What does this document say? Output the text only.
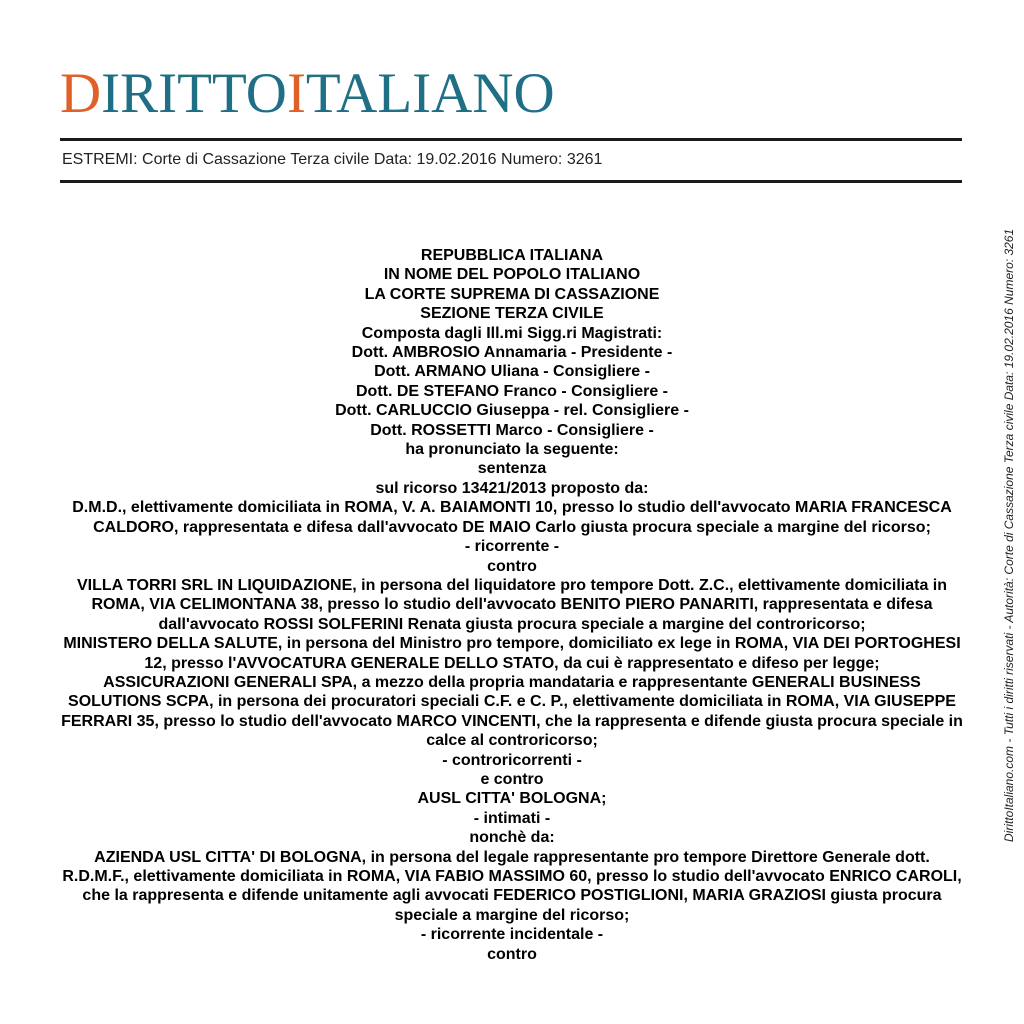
DIRITTOITALIANO
ESTREMI: Corte di Cassazione Terza civile Data: 19.02.2016 Numero: 3261
DirittoItaliano.com - Tutti i diritti riservati - Autorità: Corte di Cassazione Terza civile Data: 19.02.2016 Numero: 3261

REPUBBLICA ITALIANA

IN NOME DEL POPOLO ITALIANO

LA CORTE SUPREMA DI CASSAZIONE

SEZIONE TERZA CIVILE

Composta dagli Ill.mi Sigg.ri Magistrati:

Dott. AMBROSIO Annamaria - Presidente -

Dott. ARMANO Uliana - Consigliere -

Dott. DE STEFANO Franco - Consigliere -

Dott. CARLUCCIO Giuseppa - rel. Consigliere -

Dott. ROSSETTI Marco - Consigliere -

ha pronunciato la seguente:

sentenza

sul ricorso 13421/2013 proposto da:

D.M.D., elettivamente domiciliata in ROMA, V. A. BAIAMONTI 10, presso lo studio dell'avvocato MARIA FRANCESCA CALDORO, rappresentata e difesa dall'avvocato DE MAIO Carlo giusta procura speciale a margine del ricorso;

- ricorrente -

contro

VILLA TORRI SRL IN LIQUIDAZIONE, in persona del liquidatore pro tempore Dott. Z.C., elettivamente domiciliata in ROMA, VIA CELIMONTANA 38, presso lo studio dell'avvocato BENITO PIERO PANARITI, rappresentata e difesa dall'avvocato ROSSI SOLFERINI Renata giusta procura speciale a margine del controricorso;

MINISTERO DELLA SALUTE, in persona del Ministro pro tempore, domiciliato ex lege in ROMA, VIA DEI PORTOGHESI 12, presso l'AVVOCATURA GENERALE DELLO STATO, da cui è rappresentato e difeso per legge;

ASSICURAZIONI GENERALI SPA, a mezzo della propria mandataria e rappresentante GENERALI BUSINESS SOLUTIONS SCPA, in persona dei procuratori speciali C.F. e C. P., elettivamente domiciliata in ROMA, VIA GIUSEPPE FERRARI 35, presso lo studio dell'avvocato MARCO VINCENTI, che la rappresenta e difende giusta procura speciale in calce al controricorso;

- controricorrenti -

e contro

AUSL CITTA' BOLOGNA;

- intimati -

nonchè da:

AZIENDA USL CITTA' DI BOLOGNA, in persona del legale rappresentante pro tempore Direttore Generale dott. R.D.M.F., elettivamente domiciliata in ROMA, VIA FABIO MASSIMO 60, presso lo studio dell'avvocato ENRICO CAROLI, che la rappresenta e difende unitamente agli avvocati FEDERICO POSTIGLIONI, MARIA GRAZIOSI giusta procura speciale a margine del ricorso;

- ricorrente incidentale -

contro
